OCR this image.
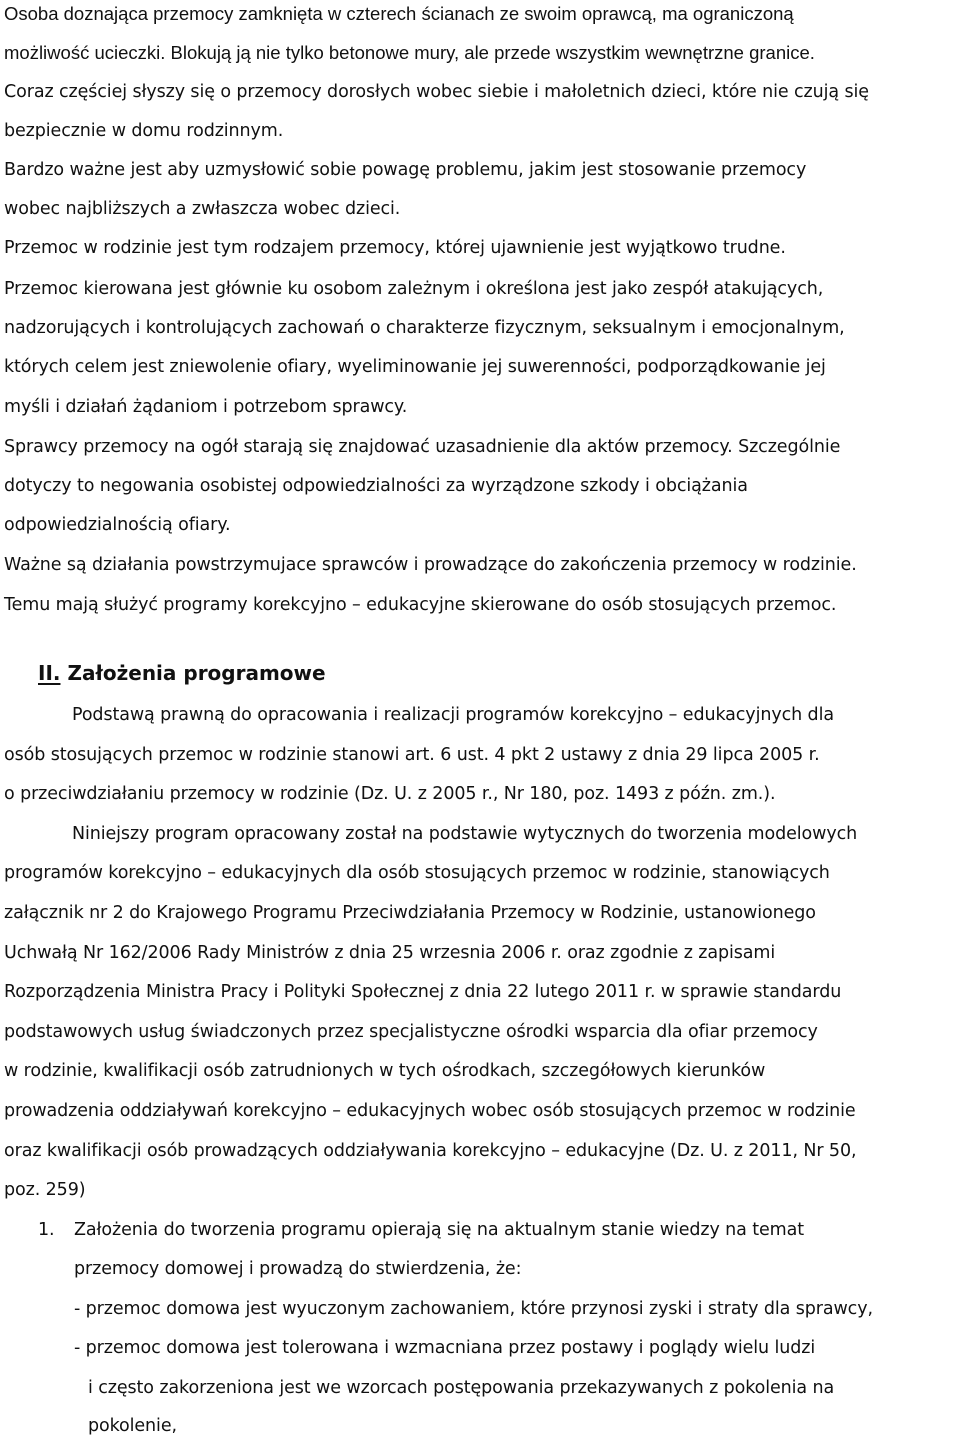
Osoba doznająca przemocy zamknięta w czterech ścianach ze swoim oprawcą, ma ograniczoną
możliwość ucieczki. Blokują ją nie tylko betonowe mury, ale przede wszystkim wewnętrzne granice.
Coraz częściej słyszy się o przemocy dorosłych wobec siebie i małoletnich dzieci, które nie czują się
bezpiecznie w domu rodzinnym.
Bardzo ważne jest aby uzmysłowić sobie powagę problemu, jakim jest stosowanie przemocy
wobec najbliższych a zwłaszcza wobec dzieci.
Przemoc w rodzinie jest tym rodzajem przemocy, której ujawnienie jest wyjątkowo trudne.
Przemoc kierowana jest głównie ku osobom zależnym i określona jest jako zespół atakujących,
nadzorujących i kontrolujących zachowań o charakterze fizycznym, seksualnym i emocjonalnym,
których celem jest zniewolenie ofiary, wyeliminowanie jej suwerenności, podporządkowanie jej
myśli i działań żądaniom i potrzebom sprawcy.
Sprawcy przemocy na ogół starają się znajdować uzasadnienie dla aktów przemocy. Szczególnie
dotyczy to negowania osobistej odpowiedzialności za wyrządzone szkody i obciążania
odpowiedzialnością ofiary.
Ważne są działania powstrzymujace sprawców i prowadzące do zakończenia przemocy w rodzinie.
Temu mają służyć programy korekcyjno – edukacyjne skierowane do osób stosujących przemoc.
II. Założenia programowe
Podstawą prawną do opracowania i realizacji programów korekcyjno – edukacyjnych dla
osób stosujących przemoc w rodzinie stanowi art. 6 ust. 4 pkt 2 ustawy z dnia 29 lipca 2005 r.
o przeciwdziałaniu przemocy w rodzinie (Dz. U. z 2005 r., Nr 180, poz. 1493 z późn. zm.).
Niniejszy program opracowany został na podstawie wytycznych do tworzenia modelowych
programów korekcyjno – edukacyjnych dla osób stosujących przemoc w rodzinie, stanowiących
załącznik nr 2 do Krajowego Programu Przeciwdziałania Przemocy w Rodzinie, ustanowionego
Uchwałą Nr 162/2006 Rady Ministrów z dnia 25 wrzesnia 2006 r. oraz zgodnie z zapisami
Rozporządzenia Ministra Pracy i Polityki Społecznej z dnia 22 lutego 2011 r. w sprawie standardu
podstawowych usług świadczonych przez specjalistyczne ośrodki wsparcia dla ofiar przemocy
w rodzinie, kwalifikacji osób zatrudnionych w tych ośrodkach, szczegółowych kierunków
prowadzenia oddziaływań korekcyjno – edukacyjnych wobec osób stosujących przemoc w rodzinie
oraz kwalifikacji osób prowadzących oddziaływania korekcyjno – edukacyjne (Dz. U. z 2011, Nr 50,
poz. 259)
1. Założenia do tworzenia programu opierają się na aktualnym stanie wiedzy na temat
przemocy domowej i prowadzą do stwierdzenia, że:
- przemoc domowa jest wyuczonym zachowaniem, które przynosi zyski i straty dla sprawcy,
- przemoc domowa jest tolerowana i wzmacniana przez postawy i poglądy wielu ludzi
i często zakorzeniona jest we wzorcach postępowania przekazywanych z pokolenia na
pokolenie,
